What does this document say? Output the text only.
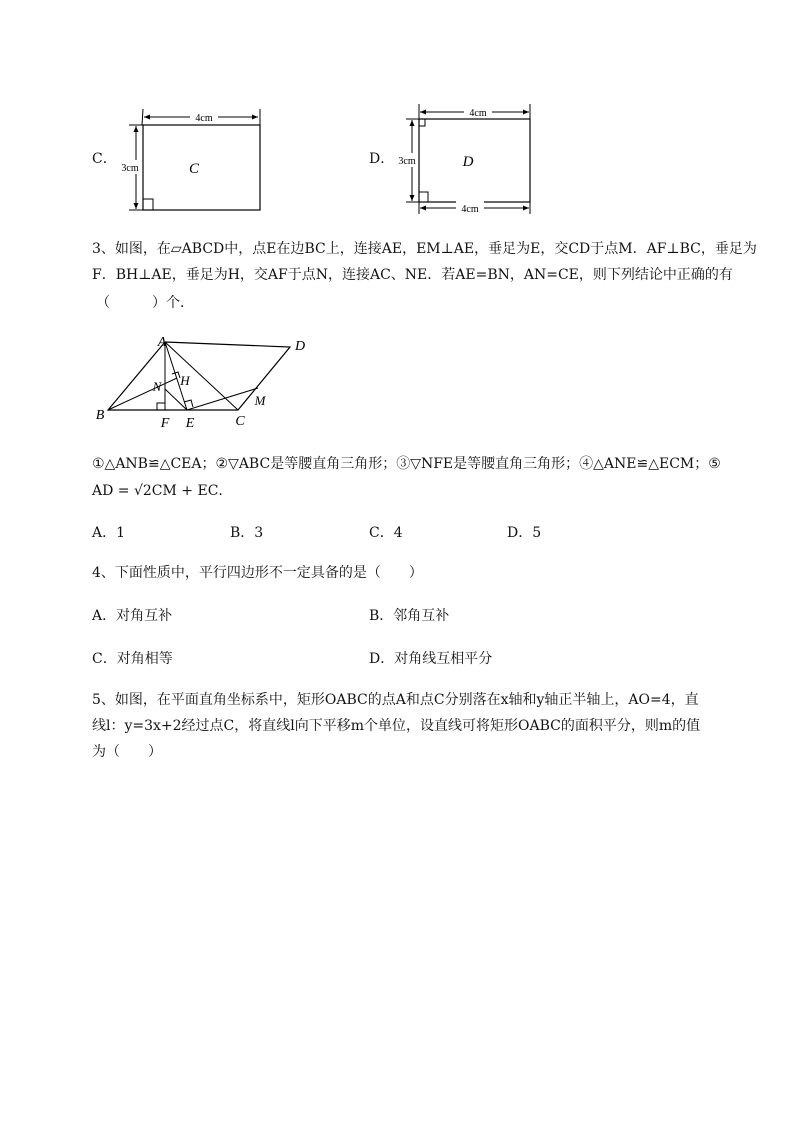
C．
4cm
3cm	C
D．
4cm
3cm	D
4cm
3、如图，在▱ABCD中，点E在边BC上，连接AE，EM⊥AE，垂足为E，交CD于点M．AF⊥BC，垂足为
F．BH⊥AE，垂足为H，交AF于点N，连接AC、NE．若AE=BN，AN=CE，则下列结论中正确的有
（　　　）个．
A	D
B	C
F E
H
N
M
①△ANB≌△CEA；②▽ABC是等腰直角三角形；③▽NFE是等腰直角三角形；④△ANE≌△ECM；⑤
AD = √2CM + EC．
A．1	B．3	C．4	D．5
4、下面性质中，平行四边形不一定具备的是（　　）
A．对角互补	B．邻角互补
C．对角相等	D．对角线互相平分
5、如图，在平面直角坐标系中，矩形OABC的点A和点C分别落在x轴和y轴正半轴上，AO=4，直
线l：y=3x+2经过点C，将直线l向下平移m个单位，设直线可将矩形OABC的面积平分，则m的值
为（　　）
